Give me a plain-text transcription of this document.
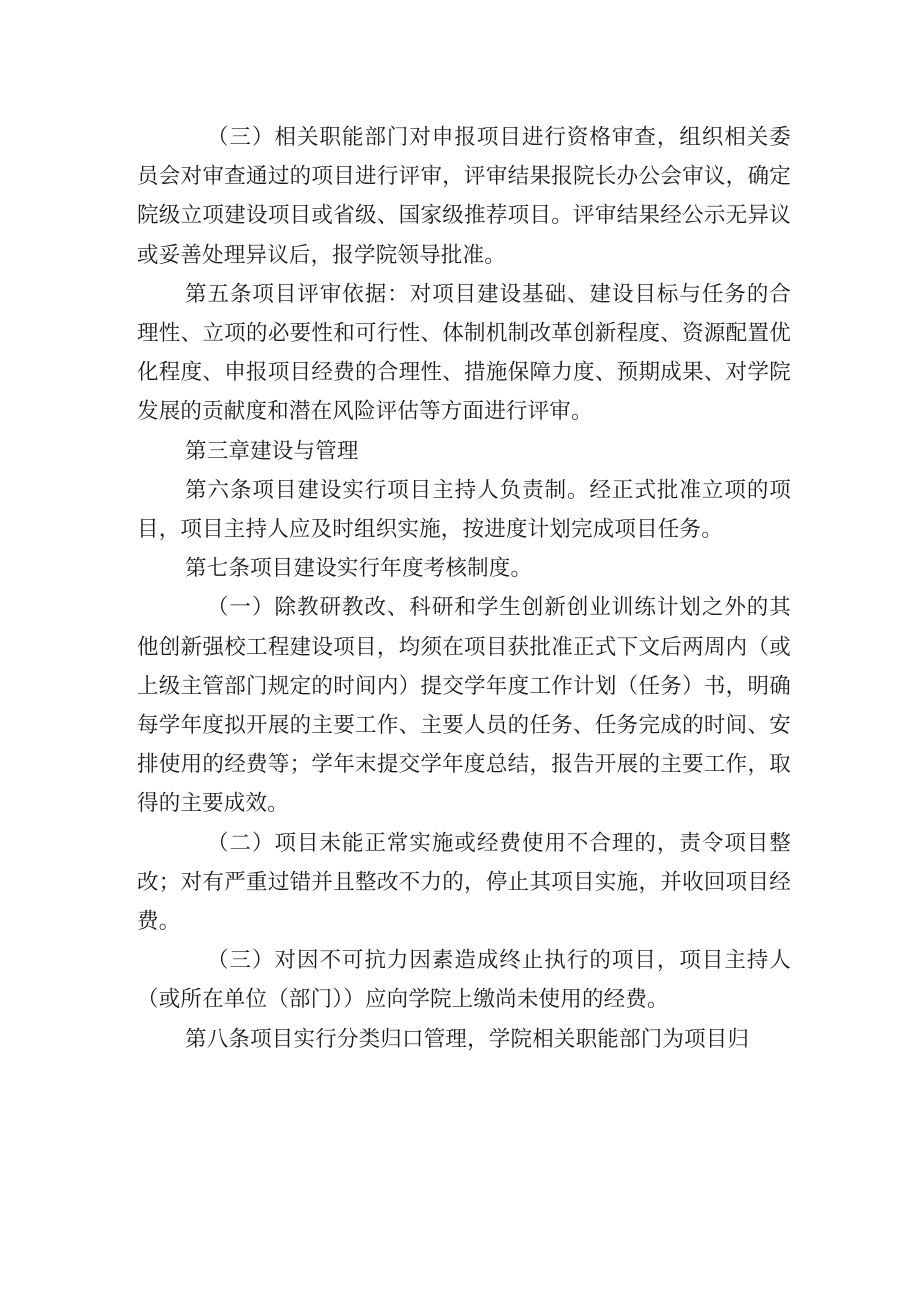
（三）相关职能部门对申报项目进行资格审查，组织相关委员会对审查通过的项目进行评审，评审结果报院长办公会审议，确定院级立项建设项目或省级、国家级推荐项目。评审结果经公示无异议或妥善处理异议后，报学院领导批准。

第五条项目评审依据：对项目建设基础、建设目标与任务的合理性、立项的必要性和可行性、体制机制改革创新程度、资源配置优化程度、申报项目经费的合理性、措施保障力度、预期成果、对学院发展的贡献度和潜在风险评估等方面进行评审。

第三章建设与管理

第六条项目建设实行项目主持人负责制。经正式批准立项的项目，项目主持人应及时组织实施，按进度计划完成项目任务。

第七条项目建设实行年度考核制度。

（一）除教研教改、科研和学生创新创业训练计划之外的其他创新强校工程建设项目，均须在项目获批准正式下文后两周内（或上级主管部门规定的时间内）提交学年度工作计划（任务）书，明确每学年度拟开展的主要工作、主要人员的任务、任务完成的时间、安排使用的经费等；学年末提交学年度总结，报告开展的主要工作，取得的主要成效。

（二）项目未能正常实施或经费使用不合理的，责令项目整改；对有严重过错并且整改不力的，停止其项目实施，并收回项目经费。

（三）对因不可抗力因素造成终止执行的项目，项目主持人（或所在单位（部门））应向学院上缴尚未使用的经费。

第八条项目实行分类归口管理，学院相关职能部门为项目归
